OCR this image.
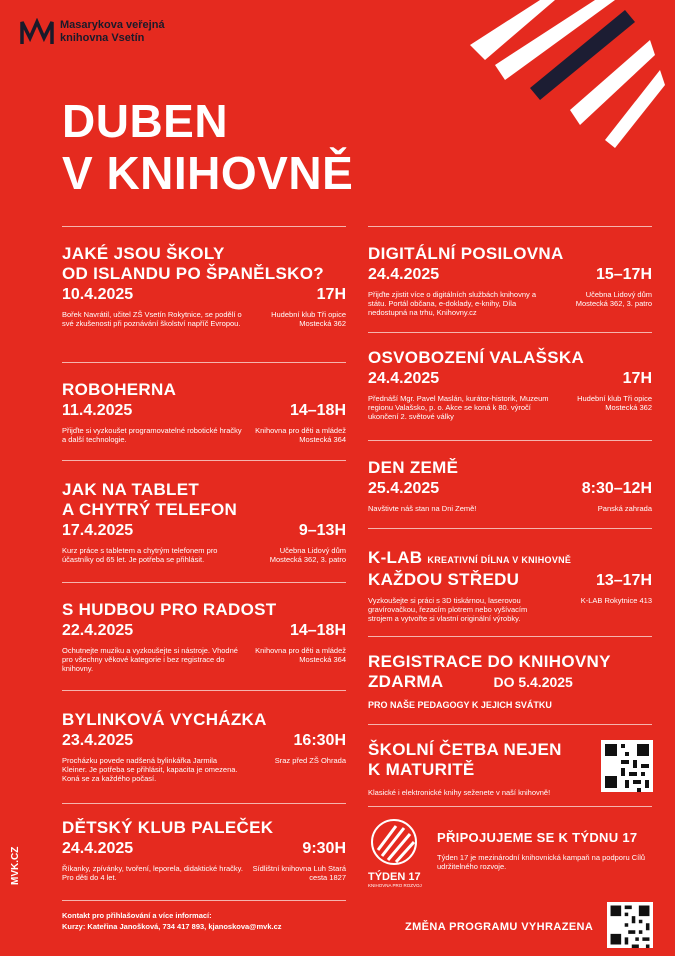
Masarykova veřejná
knihovna Vsetín
DUBEN
V KNIHOVNĚ
JAKÉ JSOU ŠKOLY
OD ISLANDU PO ŠPANĚLSKO?
10.4.2025	17H
Bořek Navrátil, učitel ZŠ Vsetín Rokytnice, se podělí o své zkušenosti při poznávání školství napříč Evropou.
Hudební klub Tři opice Mostecká 362
ROBOHERNA
11.4.2025	14–18H
Přijďte si vyzkoušet programovatelné robotické hračky a další technologie.
Knihovna pro děti a mládež Mostecká 364
JAK NA TABLET
A CHYTRÝ TELEFON
17.4.2025	9–13H
Kurz práce s tabletem a chytrým telefonem pro účastníky od 65 let. Je potřeba se přihlásit.
Učebna Lidový dům Mostecká 362, 3. patro
S HUDBOU PRO RADOST
22.4.2025	14–18H
Ochutnejte muziku a vyzkoušejte si nástroje. Vhodné pro všechny věkové kategorie i bez registrace do knihovny.
Knihovna pro děti a mládež Mostecká 364
BYLINKOVÁ VYCHÁZKA
23.4.2025	16:30H
Procházku povede nadšená bylinkářka Jarmila Kleiner. Je potřeba se přihlásit, kapacita je omezena. Koná se za každého počasí.
Sraz před ZŠ Ohrada
DĚTSKÝ KLUB PALEČEK
24.4.2025	9:30H
Říkanky, zpívánky, tvoření, leporela, didaktické hračky. Pro děti do 4 let.
Sídlištní knihovna Luh Stará cesta 1827
DIGITÁLNÍ POSILOVNA
24.4.2025	15–17H
Přijďte zjistit více o digitálních službách knihovny a státu. Portál občana, e-doklady, e-knihy, Díla nedostupná na trhu, Knihovny.cz
Učebna Lidový dům Mostecká 362, 3. patro
OSVOBOZENÍ VALAŠSKA
24.4.2025	17H
Přednáší Mgr. Pavel Maslán, kurátor-historik, Muzeum regionu Valašsko, p. o. Akce se koná k 80. výročí ukončení 2. světové války
Hudební klub Tři opice Mostecká 362
DEN ZEMĚ
25.4.2025	8:30–12H
Navštivte náš stan na Dni Země!	Panská zahrada
K-LAB KREATIVNÍ DÍLNA V KNIHOVNĚ
KAŽDOU STŘEDU	13–17H
Vyzkoušejte si práci s 3D tiskárnou, laserovou gravírovačkou, řezacím plotrem nebo vyšívacím strojem a vytvořte si vlastní originální výrobky.
K-LAB Rokytnice 413
REGISTRACE DO KNIHOVNY
ZDARMA	DO 5.4.2025
PRO NAŠE PEDAGOGY K JEJICH SVÁTKU
ŠKOLNÍ ČETBA NEJEN
K MATURITĚ
Klasické i elektronické knihy seženete v naší knihovně!
TÝDEN 17
KNIHOVNA PRO ROZVOJ
PŘIPOJUJEME SE K TÝDNU 17
Týden 17 je mezinárodní knihovnická kampaň na podporu Cílů udržitelného rozvoje.
MVK.CZ
Kontakt pro přihlašování a více informací:
Kurzy: Kateřina Janošková, 734 417 893, kjanoskova@mvk.cz	ZMĚNA PROGRAMU VYHRAZENA
